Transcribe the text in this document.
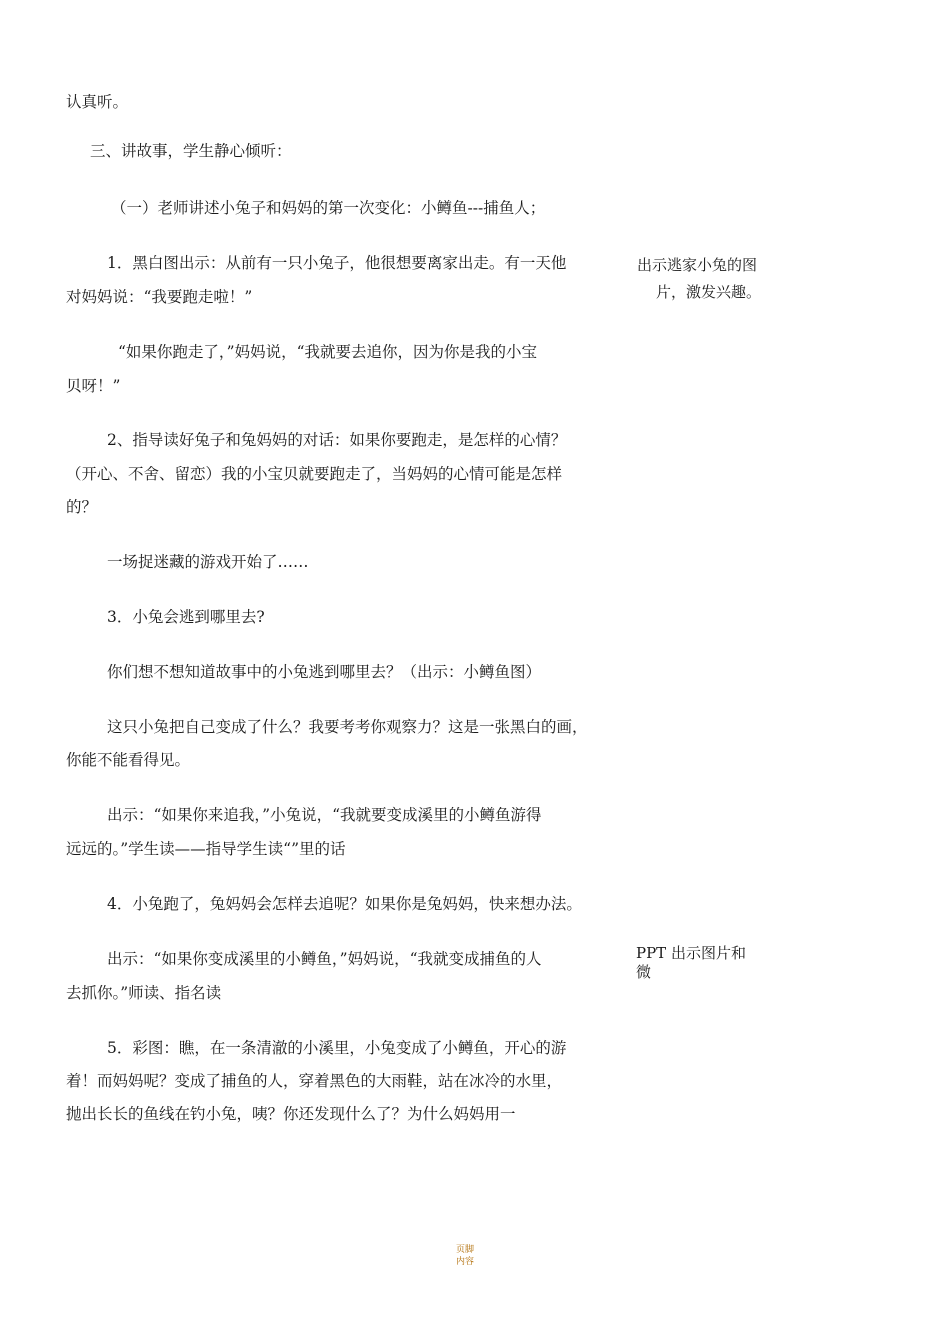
认真听。
三、讲故事，学生静心倾听：
（一）老师讲述小兔子和妈妈的第一次变化：小鳟鱼---捕鱼人；
1．黑白图出示：从前有一只小兔子，他很想要离家出走。有一天他
对妈妈说：“我要跑走啦！”
“如果你跑走了，”妈妈说，“我就要去追你，因为你是我的小宝
贝呀！”
2、指导读好兔子和兔妈妈的对话：如果你要跑走，是怎样的心情？
（开心、不舍、留恋）我的小宝贝就要跑走了，当妈妈的心情可能是怎样
的？
一场捉迷藏的游戏开始了……
3．小兔会逃到哪里去?
你们想不想知道故事中的小兔逃到哪里去？（出示：小鳟鱼图）
这只小兔把自己变成了什么？我要考考你观察力？这是一张黑白的画，
你能不能看得见。
出示：“如果你来追我，”小兔说，“我就要变成溪里的小鳟鱼游得
远远的。”学生读——指导学生读“”里的话
4．小兔跑了，兔妈妈会怎样去追呢？如果你是兔妈妈，快来想办法。
出示：“如果你变成溪里的小鳟鱼，”妈妈说，“我就变成捕鱼的人
去抓你。”师读、指名读
5．彩图：瞧，在一条清澈的小溪里，小兔变成了小鳟鱼，开心的游
着！而妈妈呢？变成了捕鱼的人，穿着黑色的大雨鞋，站在冰冷的水里，
抛出长长的鱼线在钓小兔，咦？你还发现什么了？为什么妈妈用一
出示逃家小兔的图
片，激发兴趣。
PPT 出示图片和
微
页脚
内容
